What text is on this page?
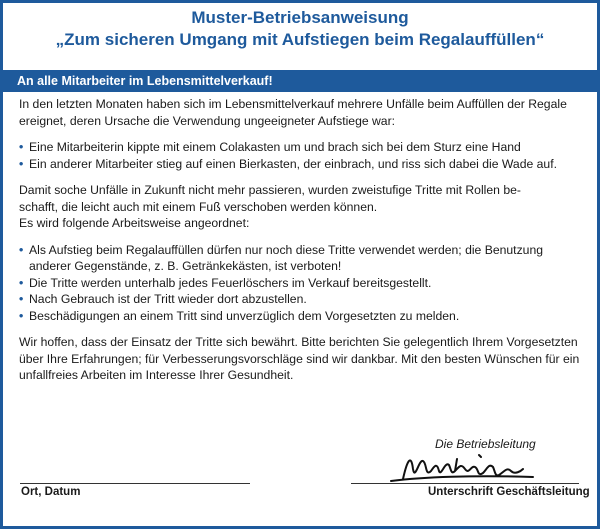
Muster-Betriebsanweisung
„Zum sicheren Umgang mit Aufstiegen beim Regalauffüllen“
An alle Mitarbeiter im Lebensmittelverkauf!

In den letzten Monaten haben sich im Lebensmittelverkauf mehrere Unfälle beim Auffüllen der Regale ereignet, deren Ursache die Verwendung ungeeigneter Aufstiege war:

• Eine Mitarbeiterin kippte mit einem Colakasten um und brach sich bei dem Sturz eine Hand
• Ein anderer Mitarbeiter stieg auf einen Bierkasten, der einbrach, und riss sich dabei die Wade auf.

Damit soche Unfälle in Zukunft nicht mehr passieren, wurden zweistufige Tritte mit Rollen be-
schafft, die leicht auch mit einem Fuß verschoben werden können.
Es wird folgende Arbeitsweise angeordnet:

• Als Aufstieg beim Regalauffüllen dürfen nur noch diese Tritte verwendet werden; die Benutzung anderer Gegenstände, z. B. Getränkekästen, ist verboten!
• Die Tritte werden unterhalb jedes Feuerlöschers im Verkauf bereitsgestellt.
• Nach Gebrauch ist der Tritt wieder dort abzustellen.
• Beschädigungen an einem Tritt sind unverzüglich dem Vorgesetzten zu melden.

Wir hoffen, dass der Einsatz der Tritte sich bewährt. Bitte berichten Sie gelegentlich Ihrem Vorgesetzten über Ihre Erfahrungen; für Verbesserungsvorschläge sind wir dankbar. Mit den besten Wünschen für ein unfallfreies Arbeiten im Interesse Ihrer Gesundheit.

Die Betriebsleitung
Ort, Datum	Unterschrift Geschäftsleitung
